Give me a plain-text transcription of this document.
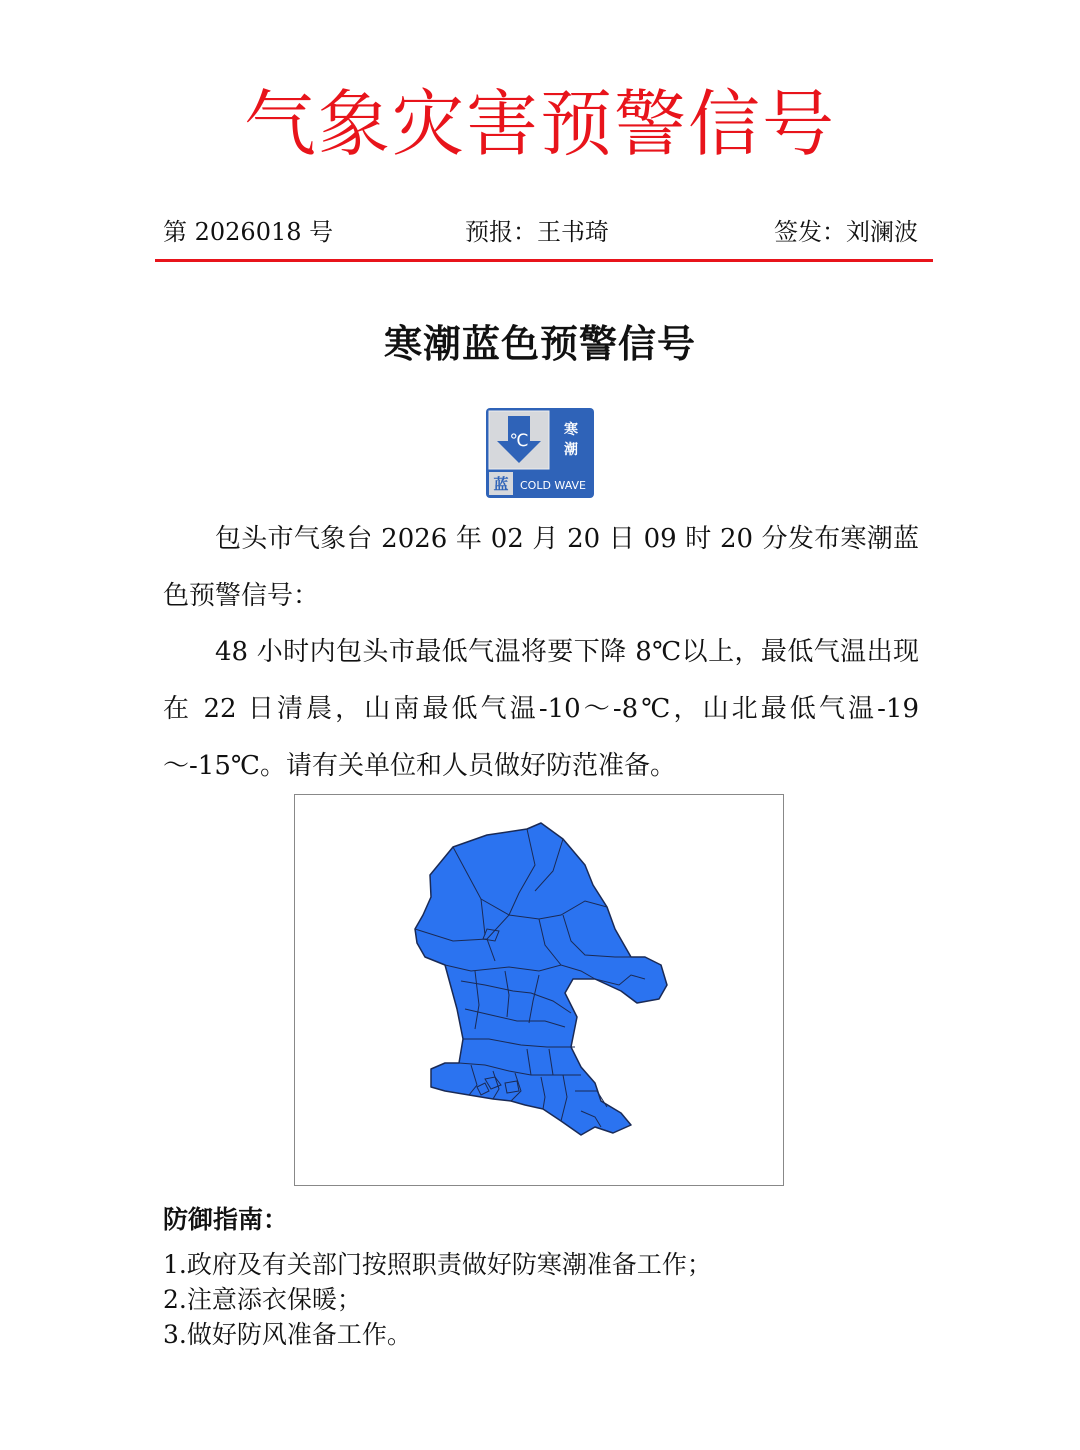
气象灾害预警信号
第 2026018 号	预报：王书琦	签发：刘澜波
寒潮蓝色预警信号
℃
寒
潮
蓝 COLD WAVE

包头市气象台 2026 年 02 月 20 日 09 时 20 分发布寒潮蓝色预警信号：

48 小时内包头市最低气温将要下降 8℃以上，最低气温出现在 22 日清晨，山南最低气温-10～-8℃，山北最低气温-19～-15℃。请有关单位和人员做好防范准备。

防御指南：
1.政府及有关部门按照职责做好防寒潮准备工作；
2.注意添衣保暖；
3.做好防风准备工作。
